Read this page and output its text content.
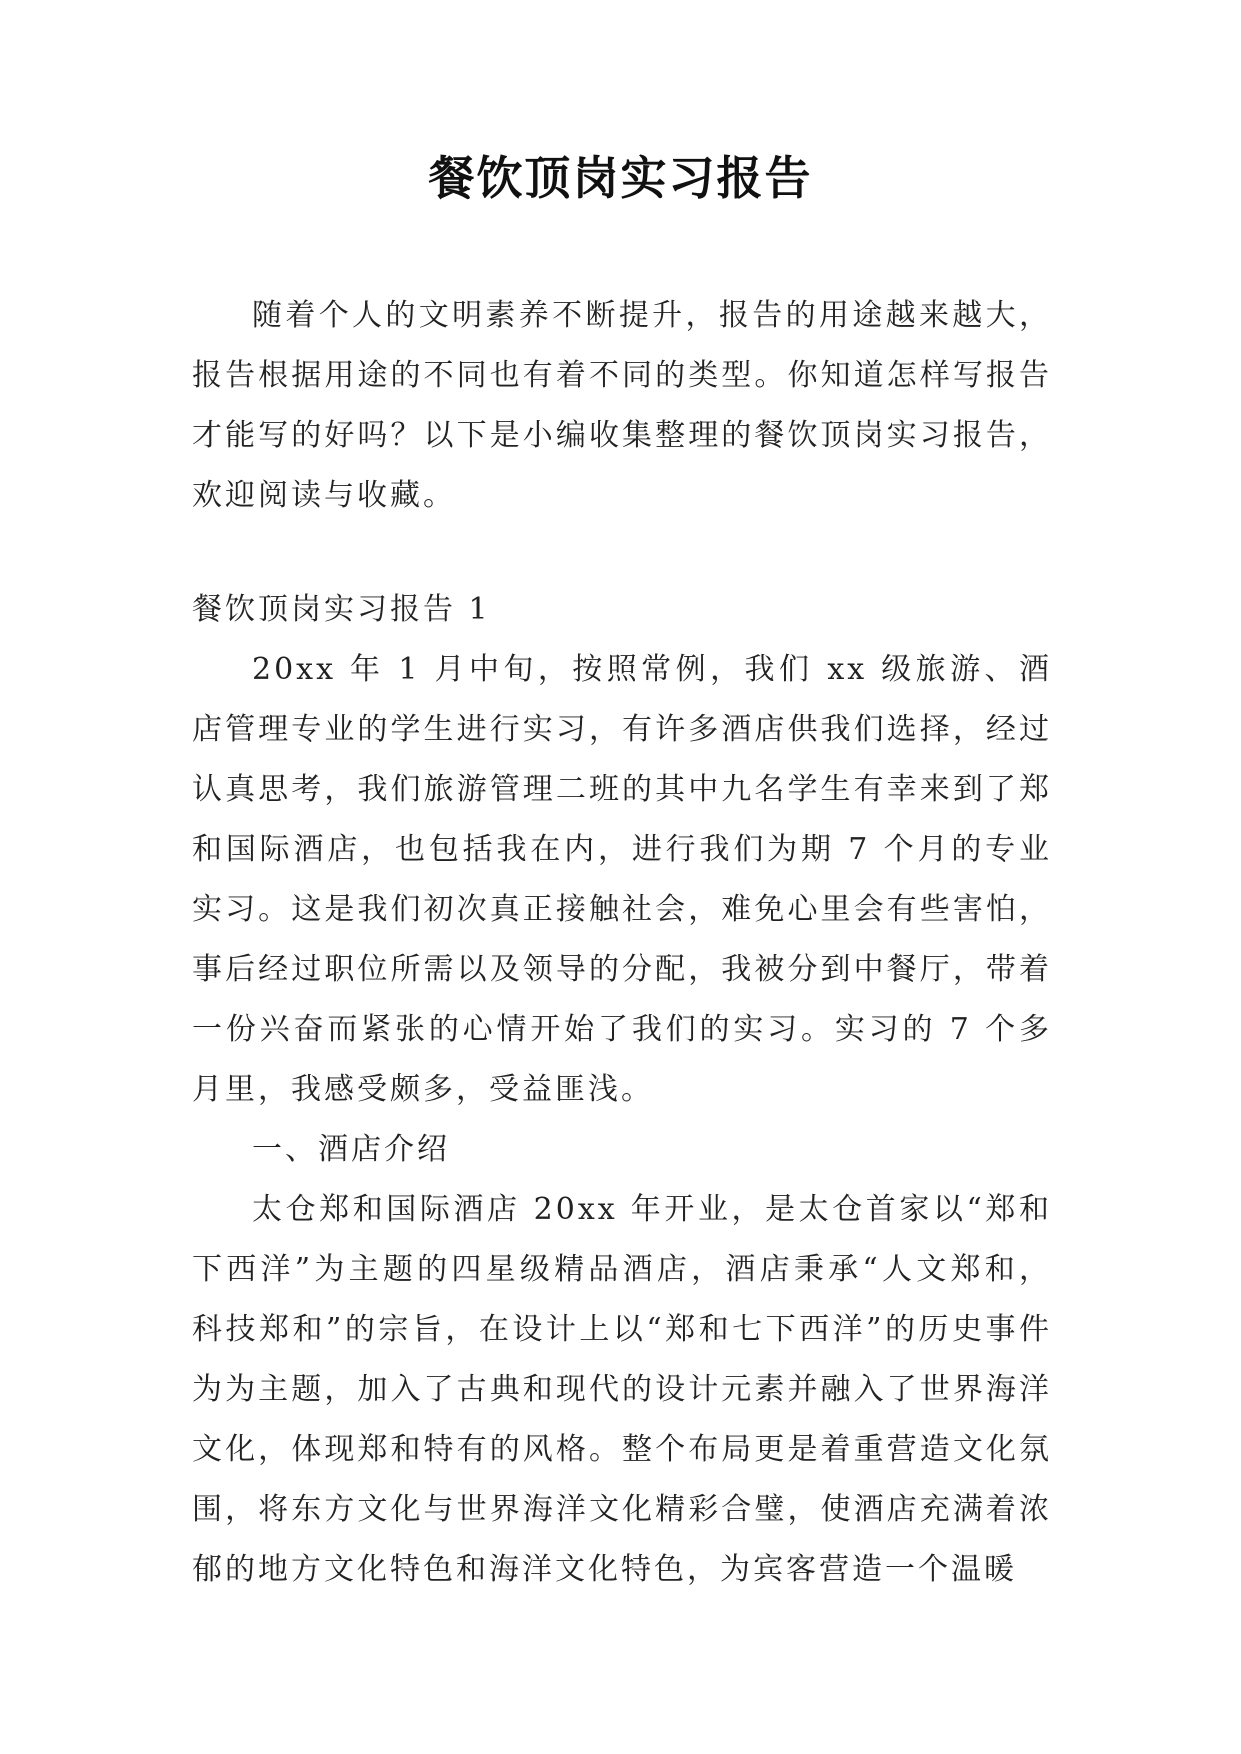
餐饮顶岗实习报告

随着个人的文明素养不断提升，报告的用途越来越大，报告根据用途的不同也有着不同的类型。你知道怎样写报告才能写的好吗？以下是小编收集整理的餐饮顶岗实习报告，欢迎阅读与收藏。

餐饮顶岗实习报告 1

20xx 年 1 月中旬，按照常例，我们 xx 级旅游、酒店管理专业的学生进行实习，有许多酒店供我们选择，经过认真思考，我们旅游管理二班的其中九名学生有幸来到了郑和国际酒店，也包括我在内，进行我们为期 7 个月的专业实习。这是我们初次真正接触社会，难免心里会有些害怕，事后经过职位所需以及领导的分配，我被分到中餐厅，带着一份兴奋而紧张的心情开始了我们的实习。实习的 7 个多月里，我感受颇多，受益匪浅。

一、酒店介绍

太仓郑和国际酒店 20xx 年开业，是太仓首家以“郑和下西洋”为主题的四星级精品酒店，酒店秉承“人文郑和，科技郑和”的宗旨，在设计上以“郑和七下西洋”的历史事件为为主题，加入了古典和现代的设计元素并融入了世界海洋文化，体现郑和特有的风格。整个布局更是着重营造文化氛围，将东方文化与世界海洋文化精彩合璧，使酒店充满着浓郁的地方文化特色和海洋文化特色，为宾客营造一个温暖
